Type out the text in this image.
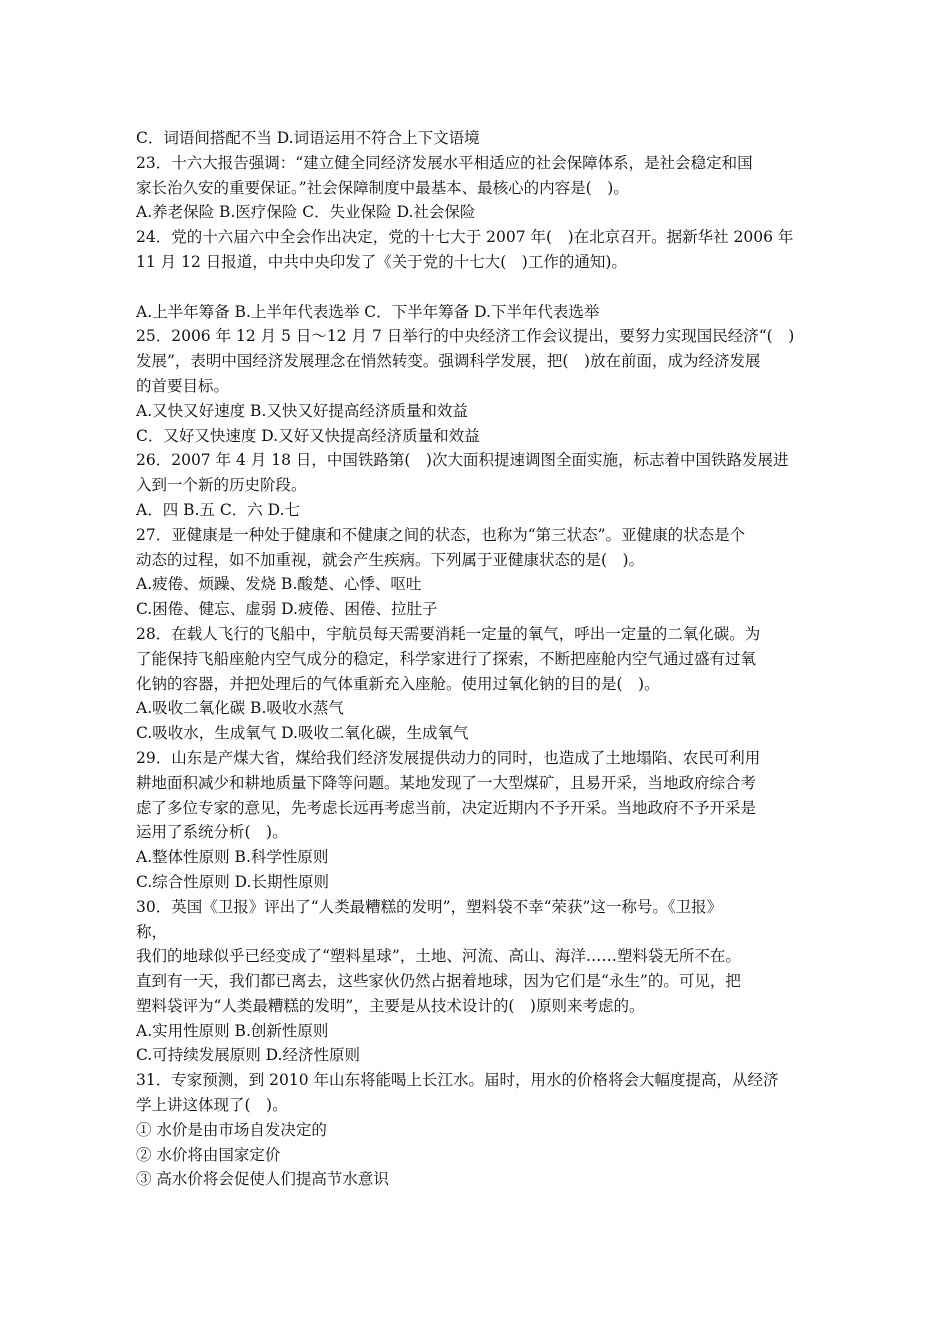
C．词语间搭配不当 D.词语运用不符合上下文语境
23．十六大报告强调：“建立健全同经济发展水平相适应的社会保障体系，是社会稳定和国
家长治久安的重要保证。”社会保障制度中最基本、最核心的内容是(　)。
A.养老保险 B.医疗保险 C．失业保险 D.社会保险
24．党的十六届六中全会作出决定，党的十七大于 2007 年(　)在北京召开。据新华社 2006 年
11 月 12 日报道，中共中央印发了《关于党的十七大(　)工作的通知)。
A.上半年筹备 B.上半年代表选举 C．下半年筹备 D.下半年代表选举
25．2006 年 12 月 5 日～12 月 7 日举行的中央经济工作会议提出，要努力实现国民经济“(　)
发展”，表明中国经济发展理念在悄然转变。强调科学发展，把(　)放在前面，成为经济发展
的首要目标。
A.又快又好速度 B.又快又好提高经济质量和效益
C．又好又快速度 D.又好又快提高经济质量和效益
26．2007 年 4 月 18 日，中国铁路第(　)次大面积提速调图全面实施，标志着中国铁路发展进
入到一个新的历史阶段。
A．四 B.五 C．六 D.七
27．亚健康是一种处于健康和不健康之间的状态，也称为“第三状态”。亚健康的状态是个
动态的过程，如不加重视，就会产生疾病。下列属于亚健康状态的是(　)。
A.疲倦、烦躁、发烧 B.酸楚、心悸、呕吐
C.困倦、健忘、虚弱 D.疲倦、困倦、拉肚子
28．在载人飞行的飞船中，宇航员每天需要消耗一定量的氧气，呼出一定量的二氧化碳。为
了能保持飞船座舱内空气成分的稳定，科学家进行了探索，不断把座舱内空气通过盛有过氧
化钠的容器，并把处理后的气体重新充入座舱。使用过氧化钠的目的是(　)。
A.吸收二氧化碳 B.吸收水蒸气
C.吸收水，生成氧气 D.吸收二氧化碳，生成氧气
29．山东是产煤大省，煤给我们经济发展提供动力的同时，也造成了土地塌陷、农民可利用
耕地面积减少和耕地质量下降等问题。某地发现了一大型煤矿，且易开采，当地政府综合考
虑了多位专家的意见，先考虑长远再考虑当前，决定近期内不予开采。当地政府不予开采是
运用了系统分析(　)。
A.整体性原则 B.科学性原则
C.综合性原则 D.长期性原则
30．英国《卫报》评出了“人类最糟糕的发明”，塑料袋不幸“荣获”这一称号。《卫报》
称，
我们的地球似乎已经变成了“塑料星球”，土地、河流、高山、海洋……塑料袋无所不在。
直到有一天，我们都已离去，这些家伙仍然占据着地球，因为它们是“永生”的。可见，把
塑料袋评为“人类最糟糕的发明”，主要是从技术设计的(　)原则来考虑的。
A.实用性原则 B.创新性原则
C.可持续发展原则 D.经济性原则
31．专家预测，到 2010 年山东将能喝上长江水。届时，用水的价格将会大幅度提高，从经济
学上讲这体现了(　)。
① 水价是由市场自发决定的
② 水价将由国家定价
③ 高水价将会促使人们提高节水意识
